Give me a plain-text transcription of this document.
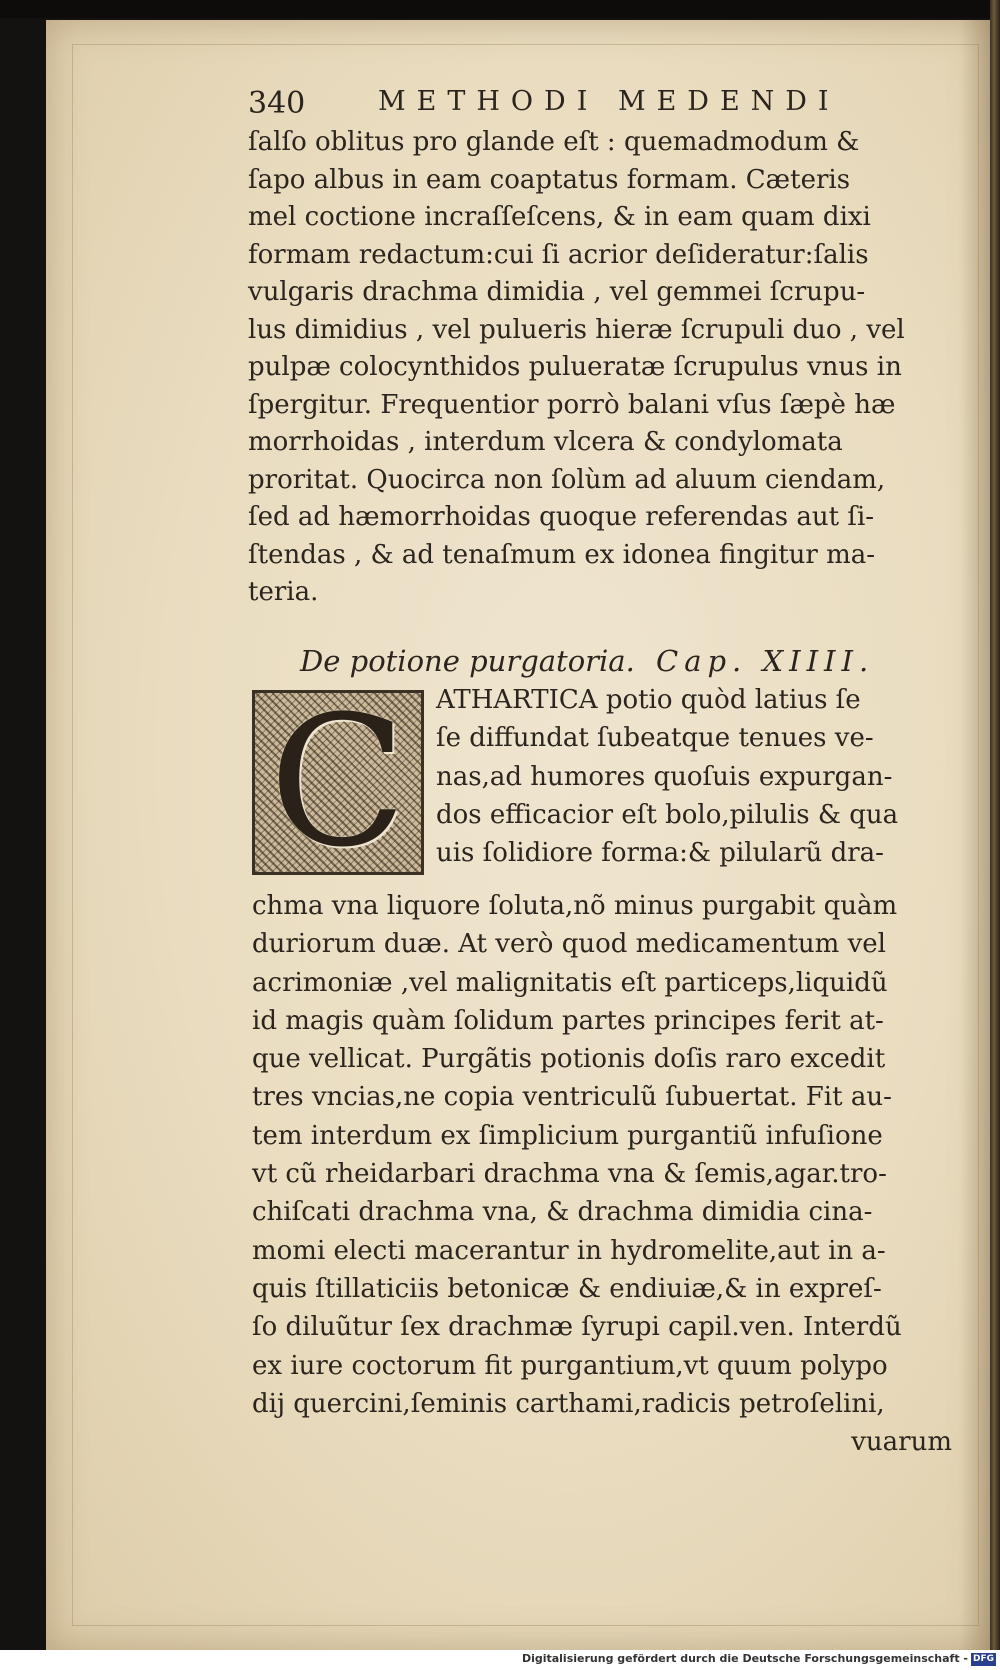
340	METHODI MEDENDI
ſalſo oblitus pro glande eſt : quemadmodum &
ſapo albus in eam coaptatus formam. Cæteris
mel coctione incraſſeſcens, & in eam quam dixi
formam redactum:cui ſi acrior deſideratur:ſalis
vulgaris drachma dimidia , vel gemmei ſcrupu-
lus dimidius , vel pulueris hieræ ſcrupuli duo , vel
pulpæ colocynthidos pulueratæ ſcrupulus vnus in
ſpergitur. Frequentior porrò balani vſus ſæpè hæ
morrhoidas , interdum vlcera & condylomata
proritat. Quocirca non ſolùm ad aluum ciendam,
ſed ad hæmorrhoidas quoque referendas aut ſi-
ſtendas , & ad tenaſmum ex idonea fingitur ma-
teria.
De potione purgatoria. Cap. XIIII.
C ATHARTICA potio quòd latius ſe
ſe diffundat ſubeatque tenues ve-
nas,ad humores quoſuis expurgan-
dos efficacior eſt bolo,pilulis & qua
uis ſolidiore forma:& pilularũ dra-
chma vna liquore ſoluta,nõ minus purgabit quàm
duriorum duæ. At verò quod medicamentum vel
acrimoniæ ,vel malignitatis eſt particeps,liquidũ
id magis quàm ſolidum partes principes ferit at-
que vellicat. Purgãtis potionis doſis raro excedit
tres vncias,ne copia ventriculũ ſubuertat. Fit au-
tem interdum ex ſimplicium purgantiũ infuſione
vt cũ rheidarbari drachma vna & ſemis,agar.tro-
chiſcati drachma vna, & drachma dimidia cina-
momi electi macerantur in hydromelite,aut in a-
quis ſtillaticiis betonicæ & endiuiæ,& in expreſ-
ſo diluũtur ſex drachmæ ſyrupi capil.ven. Interdũ
ex iure coctorum fit purgantium,vt quum polypo
dij quercini,ſeminis carthami,radicis petroſelini,
vuarum
Digitalisierung gefördert durch die Deutsche Forschungsgemeinschaft - DFG
